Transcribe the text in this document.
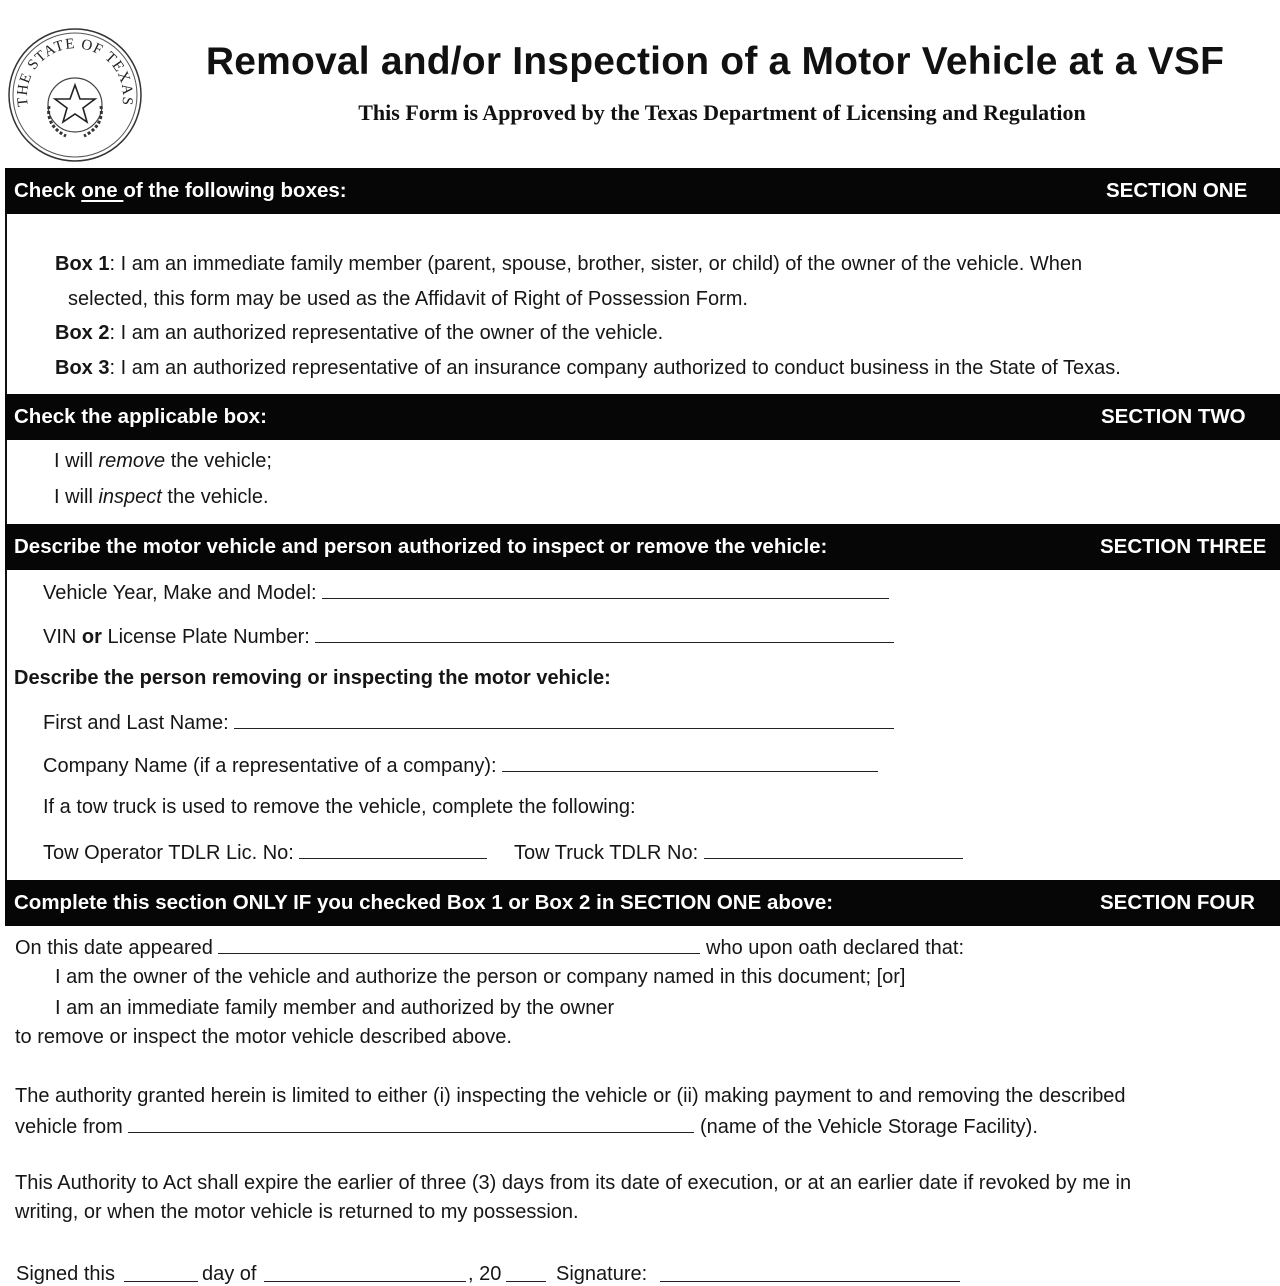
THE STATE OF TEXAS
Removal and/or Inspection of a Motor Vehicle at a VSF
This Form is Approved by the Texas Department of Licensing and Regulation
Check one of the following boxes:	SECTION ONE
Box 1: I am an immediate family member (parent, spouse, brother, sister, or child) of the owner of the vehicle. When
selected, this form may be used as the Affidavit of Right of Possession Form.
Box 2: I am an authorized representative of the owner of the vehicle.
Box 3: I am an authorized representative of an insurance company authorized to conduct business in the State of Texas.
Check the applicable box:	SECTION TWO
I will remove the vehicle;
I will inspect the vehicle.
Describe the motor vehicle and person authorized to inspect or remove the vehicle:	SECTION THREE
Vehicle Year, Make and Model:
VIN or License Plate Number:
Describe the person removing or inspecting the motor vehicle:
First and Last Name:
Company Name (if a representative of a company):
If a tow truck is used to remove the vehicle, complete the following:
Tow Operator TDLR Lic. No:	Tow Truck TDLR No:
Complete this section ONLY IF you checked Box 1 or Box 2 in SECTION ONE above:	SECTION FOUR
On this date appeared	who upon oath declared that:
I am the owner of the vehicle and authorize the person or company named in this document; [or]
I am an immediate family member and authorized by the owner
to remove or inspect the motor vehicle described above.
The authority granted herein is limited to either (i) inspecting the vehicle or (ii) making payment to and removing the described
vehicle from	(name of the Vehicle Storage Facility).
This Authority to Act shall expire the earlier of three (3) days from its date of execution, or at an earlier date if revoked by me in
writing, or when the motor vehicle is returned to my possession.
Signed this	day of	, 20	Signature:
